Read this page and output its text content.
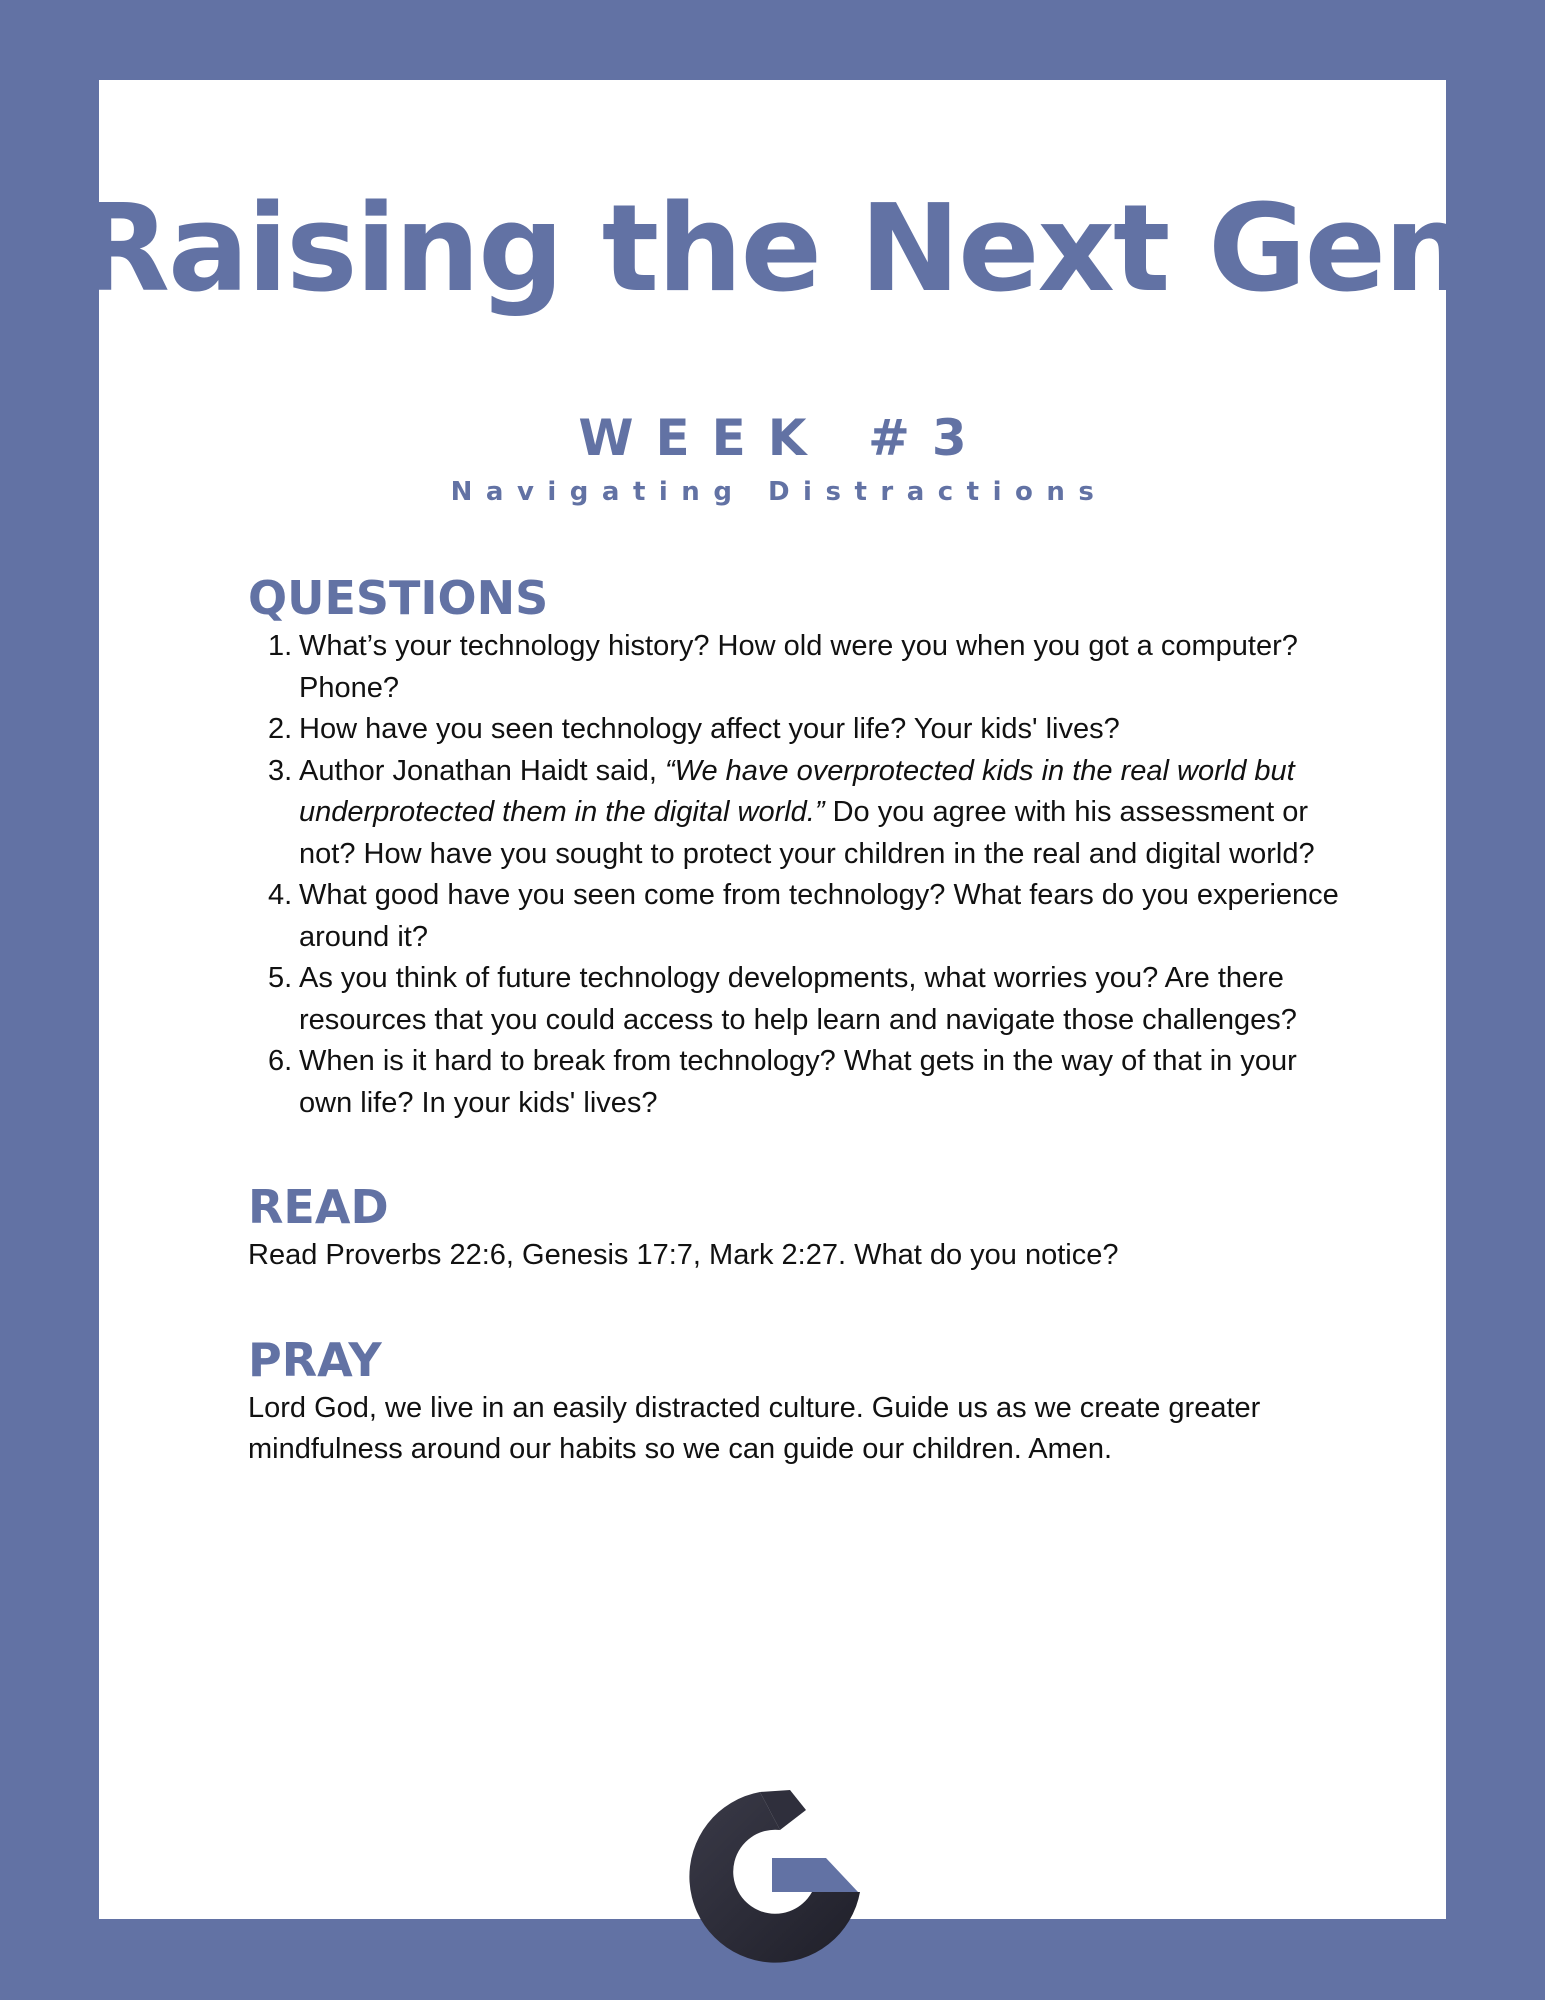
Raising the Next Gen
WEEK #3
Navigating Distractions
QUESTIONS
1. What’s your technology history? How old were you when you got a computer? Phone?
2. How have you seen technology affect your life? Your kids' lives?
3. Author Jonathan Haidt said, “We have overprotected kids in the real world but underprotected them in the digital world.” Do you agree with his assessment or not? How have you sought to protect your children in the real and digital world?
4. What good have you seen come from technology? What fears do you experience around it?
5. As you think of future technology developments, what worries you? Are there resources that you could access to help learn and navigate those challenges?
6. When is it hard to break from technology? What gets in the way of that in your own life? In your kids' lives?
READ

Read Proverbs 22:6, Genesis 17:7, Mark 2:27. What do you notice?

PRAY

Lord God, we live in an easily distracted culture. Guide us as we create greater mindfulness around our habits so we can guide our children. Amen.
